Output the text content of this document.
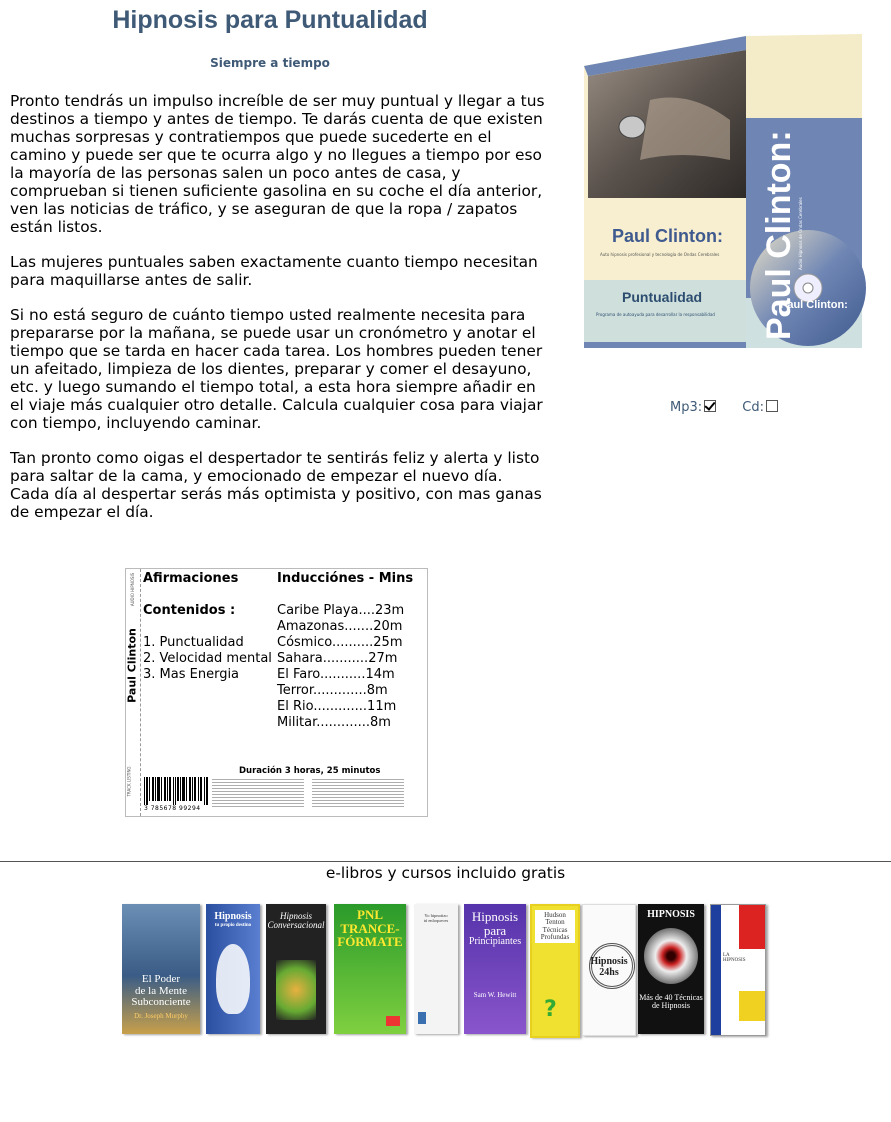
Hipnosis para Puntualidad
Siempre a tiempo

Pronto tendrás un impulso increíble de ser muy puntual y llegar a tus destinos a tiempo y antes de tiempo. Te darás cuenta de que existen muchas sorpresas y contratiempos que puede sucederte en el camino y puede ser que te ocurra algo y no llegues a tiempo por eso la mayoría de las personas salen un poco antes de casa, y comprueban si tienen suficiente gasolina en su coche el día anterior, ven las noticias de tráfico, y se aseguran de que la ropa / zapatos están listos.

Las mujeres puntuales saben exactamente cuanto tiempo necesitan para maquillarse antes de salir.

Si no está seguro de cuánto tiempo usted realmente necesita para prepararse por la mañana, se puede usar un cronómetro y anotar el tiempo que se tarda en hacer cada tarea. Los hombres pueden tener un afeitado, limpieza de los dientes, preparar y comer el desayuno, etc. y luego sumando el tiempo total, a esta hora siempre añadir en el viaje más cualquier otro detalle. Calcula cualquier cosa para viajar con tiempo, incluyendo caminar.

Tan pronto como oigas el despertador te sentirás feliz y alerta y listo para saltar de la cama, y emocionado de empezar el nuevo día. Cada día al despertar serás más optimista y positivo, con mas ganas de empezar el día.

Paul Clinton:
Auto hipnosis profesional y tecnología de Ondas Cerebrales
Puntualidad
Programa de autoayuda para desarrollar la responsabilidad Paul Clinton: Audio Hipnosis de Ondas Cerebrales
Paul Clinton:
Mp3:	Cd:
AUDIO HIPNOSIS
Paul Clinton
TRACK LISTING
Afirmaciones

Contenidos :

1. Punctualidad
2. Velocidad mental
3. Mas Energia
Inducciónes - Mins

Caribe Playa....23m
Amazonas.......20m
Cósmico..........25m
Sahara...........27m
El Faro...........14m
Terror.............8m
El Rio.............11m
Militar.............8m
Duración 3 horas, 25 minutos
3 785678 99294
e-libros y cursos incluido gratis
El Poder
de la Mente
Subconciente
Dr. Joseph Murphy
Hipnosis
tu propio destino
Hipnosis
Conversacional
PNL
TRANCE-
FÓRMATE
Yo hipnotizo
tú enloqueces	Hipnosis
para
Principiantes
Sam W. Hewitt
Hudson
Tenton
Técnicas
Profundas
?
Hipnosis
24hs
HIPNOSIS
Más de 40 Técnicas
de Hipnosis
LA
HIPNOSIS
